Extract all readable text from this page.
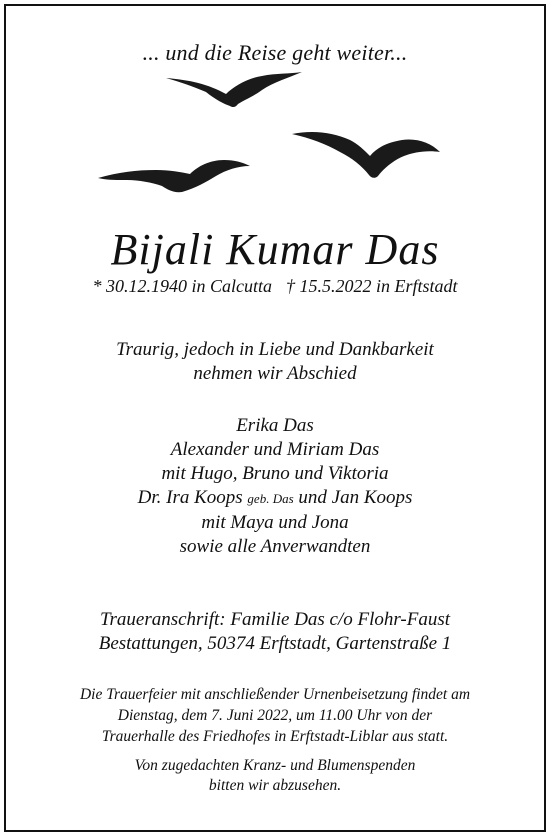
... und die Reise geht weiter...
Bijali Kumar Das
* 30.12.1940 in Calcutta † 15.5.2022 in Erftstadt
Traurig, jedoch in Liebe und Dankbarkeit
nehmen wir Abschied
Erika Das
Alexander und Miriam Das
mit Hugo, Bruno und Viktoria
Dr. Ira Koops geb. Das und Jan Koops
mit Maya und Jona
sowie alle Anverwandten
Traueranschrift: Familie Das c/o Flohr-Faust
Bestattungen, 50374 Erftstadt, Gartenstraße 1
Die Trauerfeier mit anschließender Urnenbeisetzung findet am
Dienstag, dem 7. Juni 2022, um 11.00 Uhr von der
Trauerhalle des Friedhofes in Erftstadt-Liblar aus statt.
Von zugedachten Kranz- und Blumenspenden
bitten wir abzusehen.
